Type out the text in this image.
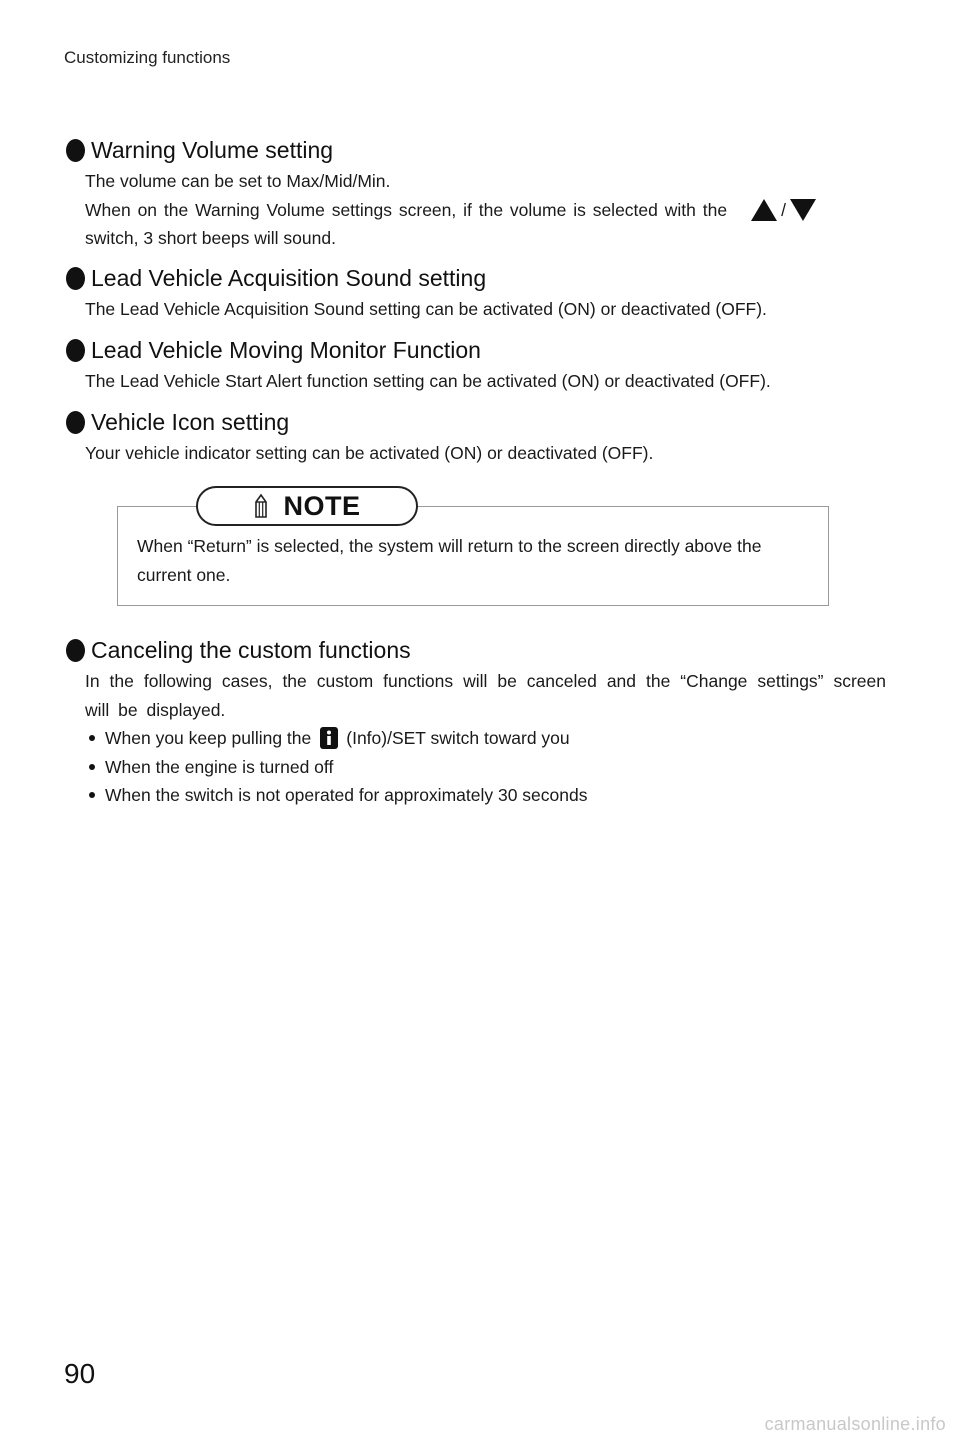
Customizing functions
Warning Volume setting

The volume can be set to Max/Mid/Min.

When on the Warning Volume settings screen, if the volume is selected with the	/

switch, 3 short beeps will sound.

Lead Vehicle Acquisition Sound setting

The Lead Vehicle Acquisition Sound setting can be activated (ON) or deactivated (OFF).

Lead Vehicle Moving Monitor Function

The Lead Vehicle Start Alert function setting can be activated (ON) or deactivated (OFF).

Vehicle Icon setting

Your vehicle indicator setting can be activated (ON) or deactivated (OFF).

NOTE

When “Return” is selected, the system will return to the screen directly above the current one.

Canceling the custom functions

In the following cases, the custom functions will be canceled and the “Change settings” screen will be displayed.

When you keep pulling the (Info)/SET switch toward you
When the engine is turned off
When the switch is not operated for approximately 30 seconds
90
carmanualsonline.info
